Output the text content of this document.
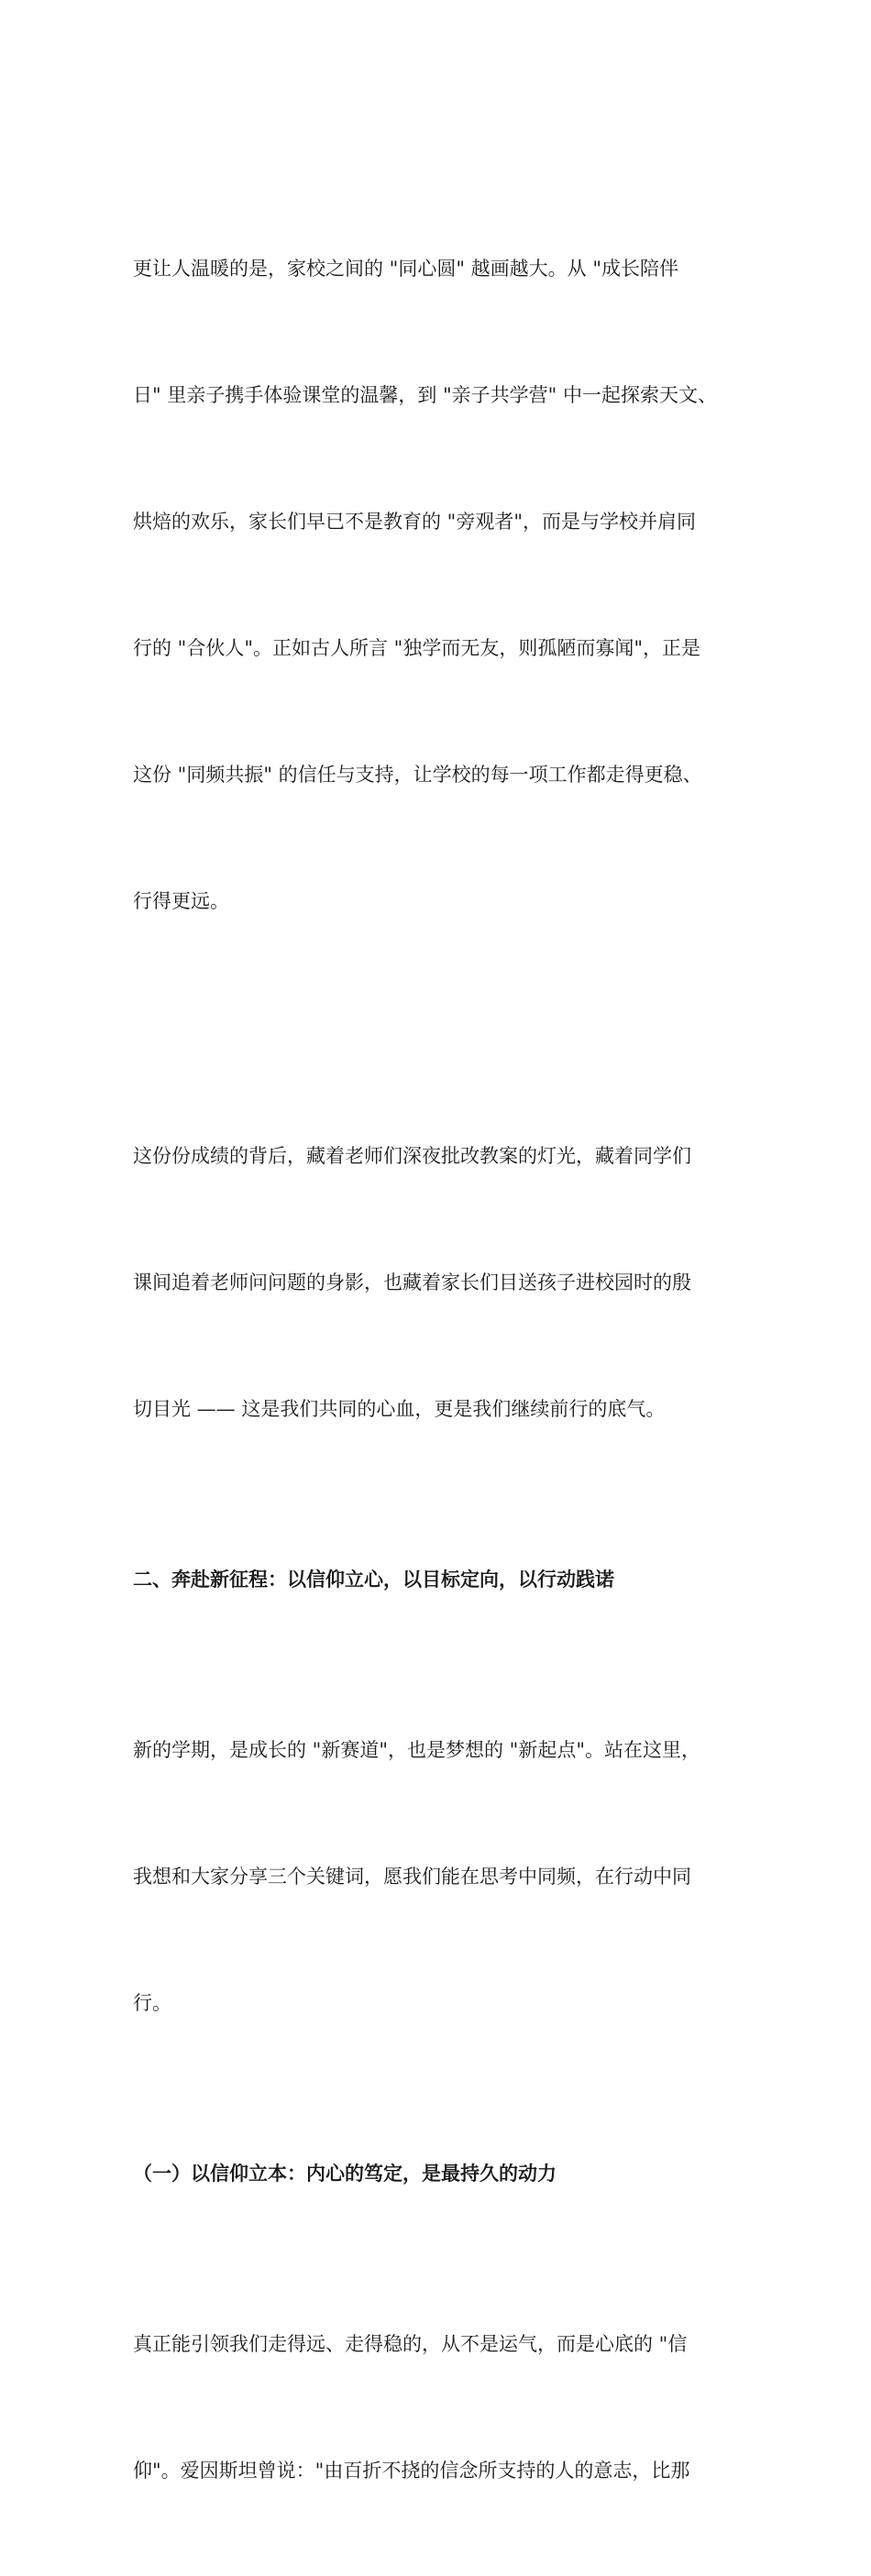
更让人温暖的是，家校之间的 "同心圆" 越画越大。从 "成长陪伴

日" 里亲子携手体验课堂的温馨，到 "亲子共学营" 中一起探索天文、

烘焙的欢乐，家长们早已不是教育的 "旁观者"，而是与学校并肩同

行的 "合伙人"。正如古人所言 "独学而无友，则孤陋而寡闻"，正是

这份 "同频共振" 的信任与支持，让学校的每一项工作都走得更稳、

行得更远。

这份份成绩的背后，藏着老师们深夜批改教案的灯光，藏着同学们

课间追着老师问问题的身影，也藏着家长们目送孩子进校园时的殷

切目光 —— 这是我们共同的心血，更是我们继续前行的底气。

二、奔赴新征程：以信仰立心，以目标定向，以行动践诺

新的学期，是成长的 "新赛道"，也是梦想的 "新起点"。站在这里，

我想和大家分享三个关键词，愿我们能在思考中同频，在行动中同

行。

（一）以信仰立本：内心的笃定，是最持久的动力

真正能引领我们走得远、走得稳的，从不是运气，而是心底的 "信

仰"。爱因斯坦曾说："由百折不挠的信念所支持的人的意志，比那
